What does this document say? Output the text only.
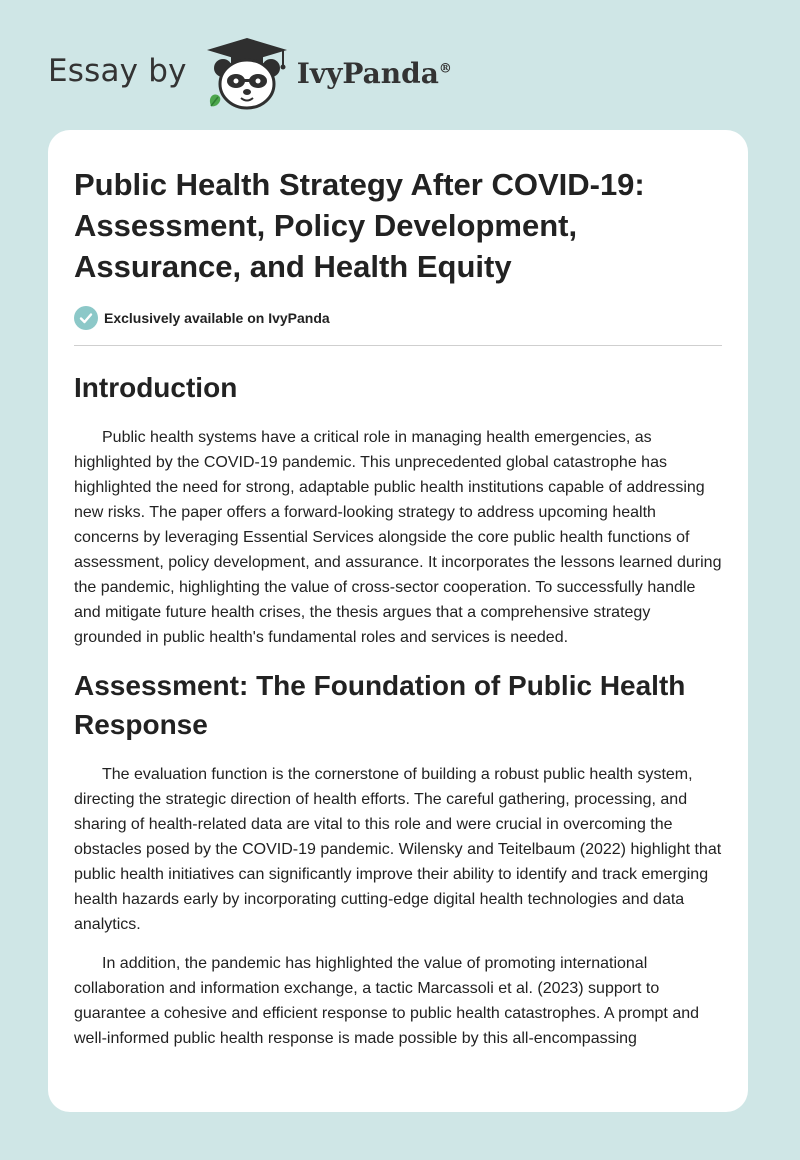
Essay by	IvyPanda®
Public Health Strategy After COVID-19: Assessment, Policy Development, Assurance, and Health Equity
Exclusively available on IvyPanda
Introduction

Public health systems have a critical role in managing health emergencies, as highlighted by the COVID-19 pandemic. This unprecedented global catastrophe has highlighted the need for strong, adaptable public health institutions capable of addressing new risks. The paper offers a forward-looking strategy to address upcoming health concerns by leveraging Essential Services alongside the core public health functions of assessment, policy development, and assurance. It incorporates the lessons learned during the pandemic, highlighting the value of cross-sector cooperation. To successfully handle and mitigate future health crises, the thesis argues that a comprehensive strategy grounded in public health's fundamental roles and services is needed.

Assessment: The Foundation of Public Health Response

The evaluation function is the cornerstone of building a robust public health system, directing the strategic direction of health efforts. The careful gathering, processing, and sharing of health-related data are vital to this role and were crucial in overcoming the obstacles posed by the COVID-19 pandemic. Wilensky and Teitelbaum (2022) highlight that public health initiatives can significantly improve their ability to identify and track emerging health hazards early by incorporating cutting-edge digital health technologies and data analytics.

In addition, the pandemic has highlighted the value of promoting international collaboration and information exchange, a tactic Marcassoli et al. (2023) support to guarantee a cohesive and efficient response to public health catastrophes. A prompt and well-informed public health response is made possible by this all-encompassing
